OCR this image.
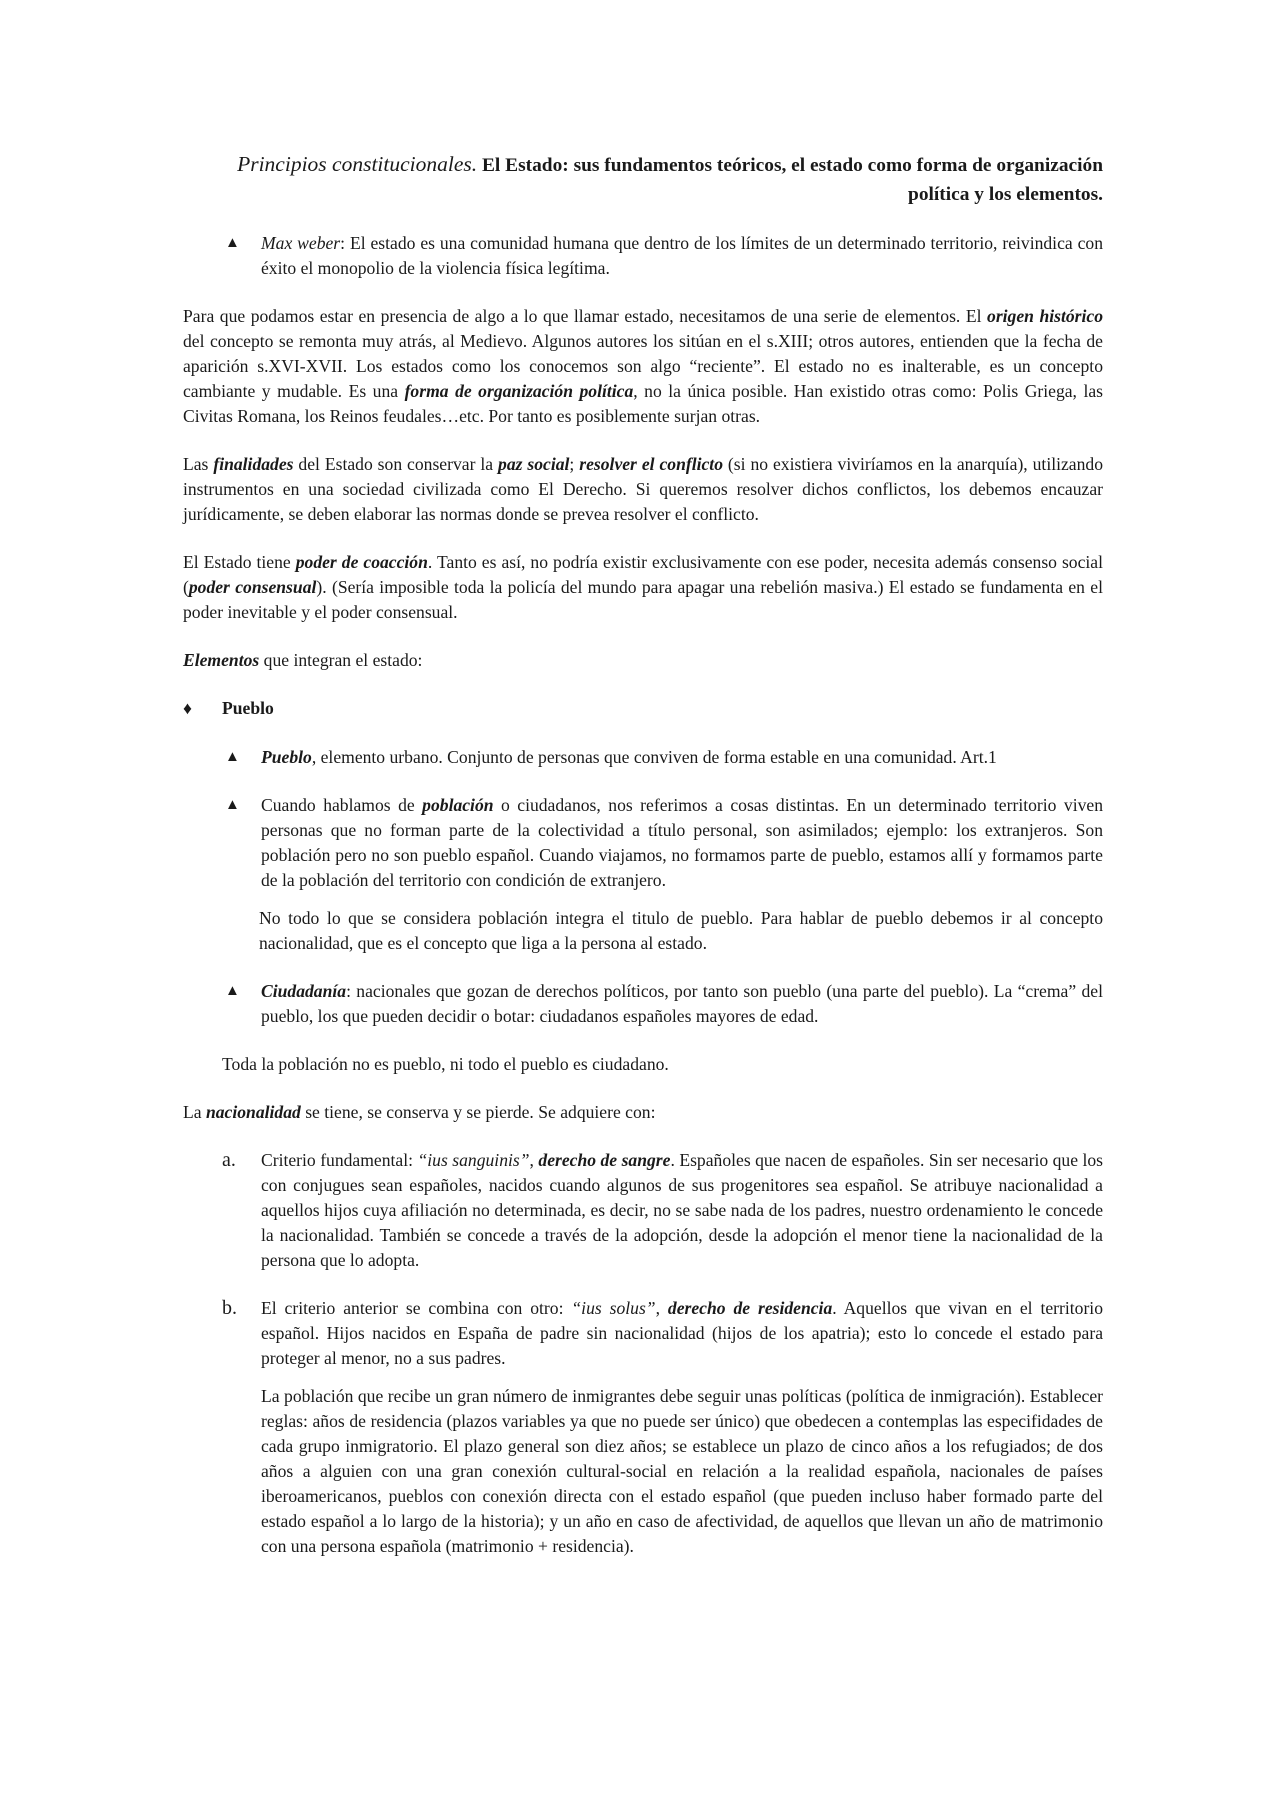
Principios constitucionales. El Estado: sus fundamentos teóricos, el estado como forma de organización política y los elementos.
▲ Max weber: El estado es una comunidad humana que dentro de los límites de un determinado territorio, reivindica con éxito el monopolio de la violencia física legítima.

Para que podamos estar en presencia de algo a lo que llamar estado, necesitamos de una serie de elementos. El origen histórico del concepto se remonta muy atrás, al Medievo. Algunos autores los sitúan en el s.XIII; otros autores, entienden que la fecha de aparición s.XVI-XVII. Los estados como los conocemos son algo “reciente”. El estado no es inalterable, es un concepto cambiante y mudable. Es una forma de organización política, no la única posible. Han existido otras como: Polis Griega, las Civitas Romana, los Reinos feudales…etc. Por tanto es posiblemente surjan otras.

Las finalidades del Estado son conservar la paz social; resolver el conflicto (si no existiera viviríamos en la anarquía), utilizando instrumentos en una sociedad civilizada como El Derecho. Si queremos resolver dichos conflictos, los debemos encauzar jurídicamente, se deben elaborar las normas donde se prevea resolver el conflicto.

El Estado tiene poder de coacción. Tanto es así, no podría existir exclusivamente con ese poder, necesita además consenso social (poder consensual). (Sería imposible toda la policía del mundo para apagar una rebelión masiva.) El estado se fundamenta en el poder inevitable y el poder consensual.

Elementos que integran el estado:

♦ Pueblo
▲ Pueblo, elemento urbano. Conjunto de personas que conviven de forma estable en una comunidad. Art.1

▲ Cuando hablamos de población o ciudadanos, nos referimos a cosas distintas. En un determinado territorio viven personas que no forman parte de la colectividad a título personal, son asimilados; ejemplo: los extranjeros. Son población pero no son pueblo español. Cuando viajamos, no formamos parte de pueblo, estamos allí y formamos parte de la población del territorio con condición de extranjero.

No todo lo que se considera población integra el titulo de pueblo. Para hablar de pueblo debemos ir al concepto nacionalidad, que es el concepto que liga a la persona al estado.

▲ Ciudadanía: nacionales que gozan de derechos políticos, por tanto son pueblo (una parte del pueblo). La “crema” del pueblo, los que pueden decidir o botar: ciudadanos españoles mayores de edad.

Toda la población no es pueblo, ni todo el pueblo es ciudadano.

La nacionalidad se tiene, se conserva y se pierde. Se adquiere con:

a. Criterio fundamental: “ius sanguinis”, derecho de sangre. Españoles que nacen de españoles. Sin ser necesario que los con conjugues sean españoles, nacidos cuando algunos de sus progenitores sea español. Se atribuye nacionalidad a aquellos hijos cuya afiliación no determinada, es decir, no se sabe nada de los padres, nuestro ordenamiento le concede la nacionalidad. También se concede a través de la adopción, desde la adopción el menor tiene la nacionalidad de la persona que lo adopta.

b. El criterio anterior se combina con otro: “ius solus”, derecho de residencia. Aquellos que vivan en el territorio español. Hijos nacidos en España de padre sin nacionalidad (hijos de los apatria); esto lo concede el estado para proteger al menor, no a sus padres.

La población que recibe un gran número de inmigrantes debe seguir unas políticas (política de inmigración). Establecer reglas: años de residencia (plazos variables ya que no puede ser único) que obedecen a contemplas las especifidades de cada grupo inmigratorio. El plazo general son diez años; se establece un plazo de cinco años a los refugiados; de dos años a alguien con una gran conexión cultural-social en relación a la realidad española, nacionales de países iberoamericanos, pueblos con conexión directa con el estado español (que pueden incluso haber formado parte del estado español a lo largo de la historia); y un año en caso de afectividad, de aquellos que llevan un año de matrimonio con una persona española (matrimonio + residencia).
